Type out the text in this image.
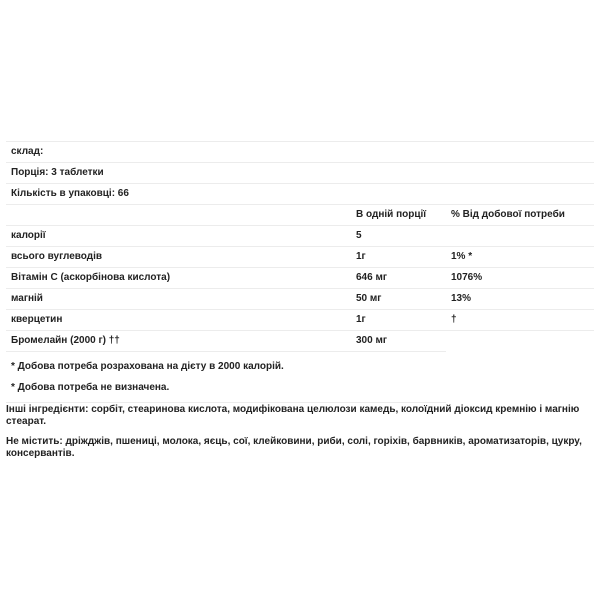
склад:		
Порція: 3 таблетки		
Кількість в упаковці: 66		
	В одній порції	% Від добової потреби
калорії	5	
всього вуглеводів	1г	1% *
Вітамін С (аскорбінова кислота)	646 мг	1076%
магній	50 мг	13%
кверцетин	1г	†
Бромелайн (2000 г) ††	300 мг	

* Добова потреба розрахована на дієту в 2000 калорій.
* Добова потреба не визначена.		

Інші інгредієнти: сорбіт, стеаринова кислота, модифікована целюлози камедь, колоїдний діоксид кремнію і магнію стеарат.

Не містить: дріжджів, пшениці, молока, яєць, сої, клейковини, риби, солі, горіхів, барвників, ароматизаторів, цукру, консервантів.
